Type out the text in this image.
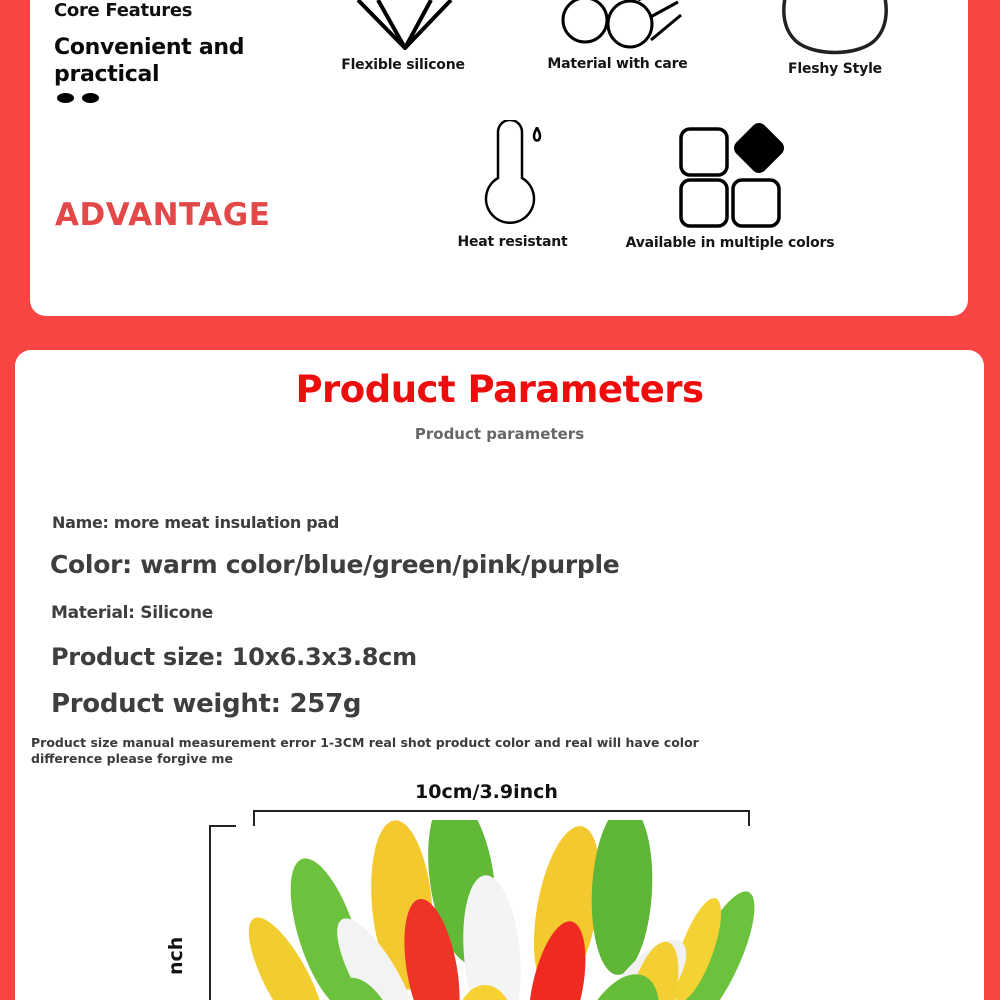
Core Features
Convenient and practical
ADVANTAGE
Flexible silicone	Material with care	Fleshy Style
Heat resistant	Available in multiple colors
Product Parameters
Product parameters
Name: more meat insulation pad
Color: warm color/blue/green/pink/purple
Material: Silicone
Product size: 10x6.3x3.8cm
Product weight: 257g
Product size manual measurement error 1-3CM real shot product color and real will have color difference please forgive me
10cm/3.9inch
nch
